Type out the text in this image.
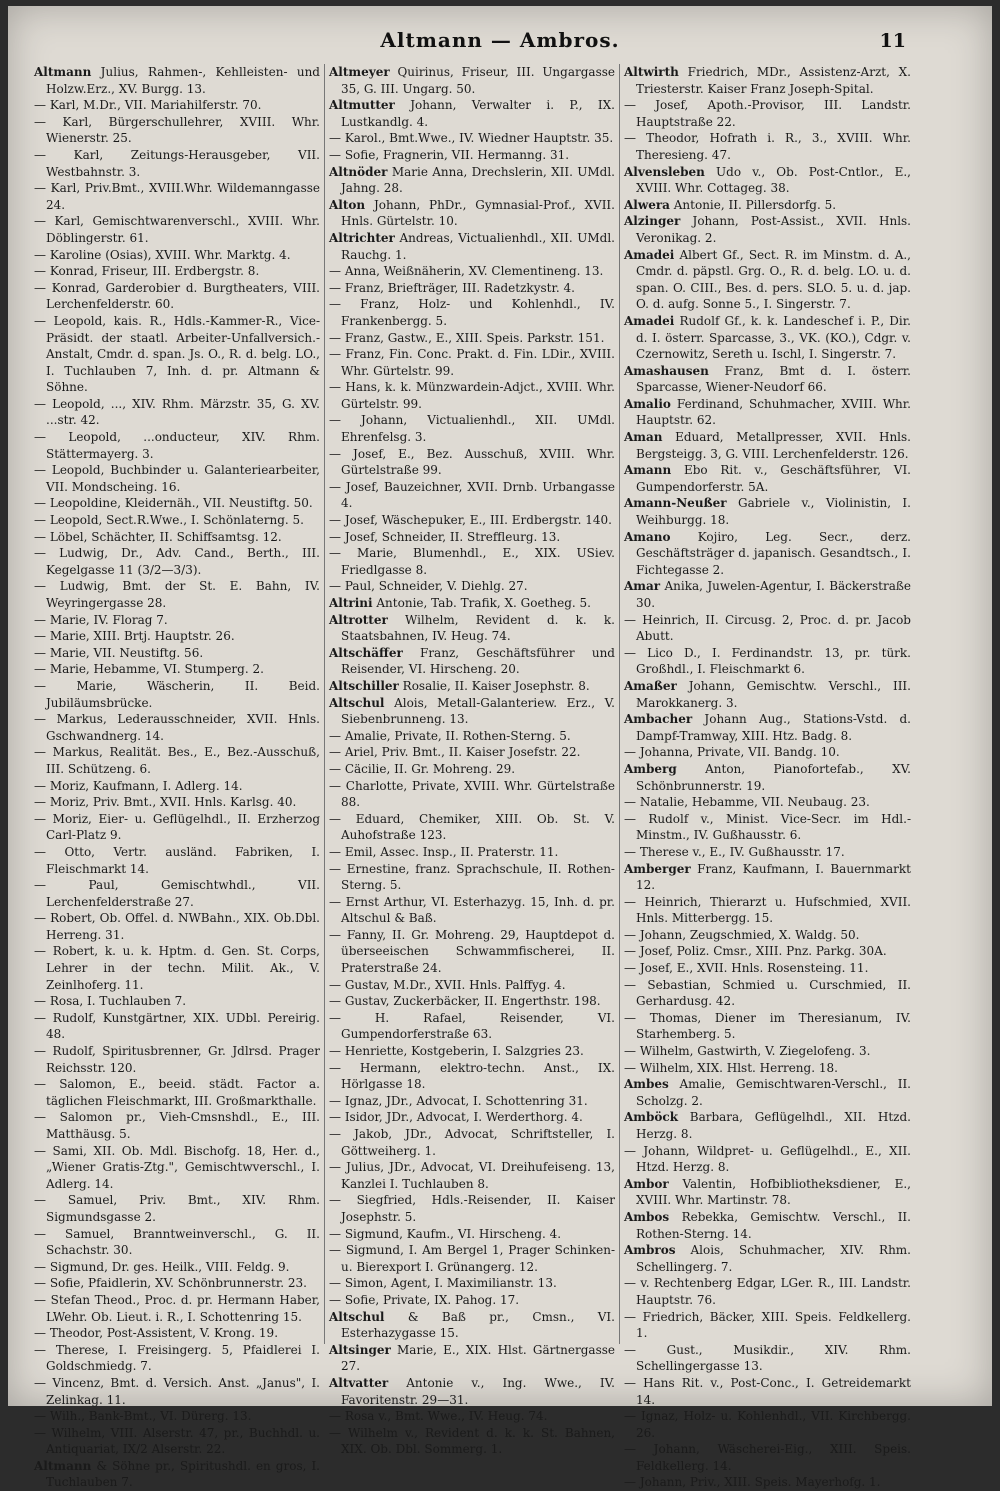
Altmann — Ambros.	11

Altmann Julius, Rahmen-, Kehlleisten- und Holzw.Erz., XV. Burgg. 13.

— Karl, M.Dr., VII. Mariahilferstr. 70.

— Karl, Bürgerschullehrer, XVIII. Whr. Wienerstr. 25.

— Karl, Zeitungs-Herausgeber, VII. Westbahnstr. 3.

— Karl, Priv.Bmt., XVIII.Whr. Wildemanngasse 24.

— Karl, Gemischtwarenverschl., XVIII. Whr. Döblingerstr. 61.

— Karoline (Osias), XVIII. Whr. Marktg. 4.

— Konrad, Friseur, III. Erdbergstr. 8.

— Konrad, Garderobier d. Burgtheaters, VIII. Lerchenfelderstr. 60.

— Leopold, kais. R., Hdls.-Kammer-R., Vice-Präsidt. der staatl. Arbeiter-Unfallversich.-Anstalt, Cmdr. d. span. Js. O., R. d. belg. LO., I. Tuchlauben 7, Inh. d. pr. Altmann & Söhne.

— Leopold, ..., XIV. Rhm. Märzstr. 35, G. XV. ...str. 42.

— Leopold, ...onducteur, XIV. Rhm. Stättermayerg. 3.

— Leopold, Buchbinder u. Galanteriearbeiter, VII. Mondscheing. 16.

— Leopoldine, Kleidernäh., VII. Neustiftg. 50.

— Leopold, Sect.R.Wwe., I. Schönlaterng. 5.

— Löbel, Schächter, II. Schiffsamtsg. 12.

— Ludwig, Dr., Adv. Cand., Berth., III. Kegelgasse 11 (3/2—3/3).

— Ludwig, Bmt. der St. E. Bahn, IV. Weyringergasse 28.

— Marie, IV. Florag 7.

— Marie, XIII. Brtj. Hauptstr. 26.

— Marie, VII. Neustiftg. 56.

— Marie, Hebamme, VI. Stumperg. 2.

— Marie, Wäscherin, II. Beid. Jubiläumsbrücke.

— Markus, Lederausschneider, XVII. Hnls. Gschwandnerg. 14.

— Markus, Realität. Bes., E., Bez.-Ausschuß, III. Schützeng. 6.

— Moriz, Kaufmann, I. Adlerg. 14.

— Moriz, Priv. Bmt., XVII. Hnls. Karlsg. 40.

— Moriz, Eier- u. Geflügelhdl., II. Erzherzog Carl-Platz 9.

— Otto, Vertr. ausländ. Fabriken, I. Fleischmarkt 14.

— Paul, Gemischtwhdl., VII. Lerchenfelderstraße 27.

— Robert, Ob. Offel. d. NWBahn., XIX. Ob.Dbl. Herreng. 31.

— Robert, k. u. k. Hptm. d. Gen. St. Corps, Lehrer in der techn. Milit. Ak., V. Zeinlhoferg. 11.

— Rosa, I. Tuchlauben 7.

— Rudolf, Kunstgärtner, XIX. UDbl. Pereirig. 48.

— Rudolf, Spiritusbrenner, Gr. Jdlrsd. Prager Reichsstr. 120.

— Salomon, E., beeid. städt. Factor a. täglichen Fleischmarkt, III. Großmarkthalle.

— Salomon pr., Vieh-Cmsnshdl., E., III. Matthäusg. 5.

— Sami, XII. Ob. Mdl. Bischofg. 18, Her. d., „Wiener Gratis-Ztg.", Gemischtwverschl., I. Adlerg. 14.

— Samuel, Priv. Bmt., XIV. Rhm. Sigmundsgasse 2.

— Samuel, Branntweinverschl., G. II. Schachstr. 30.

— Sigmund, Dr. ges. Heilk., VIII. Feldg. 9.

— Sofie, Pfaidlerin, XV. Schönbrunnerstr. 23.

— Stefan Theod., Proc. d. pr. Hermann Haber, LWehr. Ob. Lieut. i. R., I. Schottenring 15.

— Theodor, Post-Assistent, V. Krong. 19.

— Therese, I. Freisingerg. 5, Pfaidlerei I. Goldschmiedg. 7.

— Vincenz, Bmt. d. Versich. Anst. „Janus", I. Zelinkag. 11.

— Wilh., Bank-Bmt., VI. Dürerg. 13.

— Wilhelm, VIII. Alserstr. 47, pr., Buchhdl. u. Antiquariat, IX/2 Alserstr. 22.

Altmann & Söhne pr., Spiritushdl. en gros, I. Tuchlauben 7.

Altmeyer Quirinus, Friseur, III. Ungargasse 35, G. III. Ungarg. 50.

Altmutter Johann, Verwalter i. P., IX. Lustkandlg. 4.

— Karol., Bmt.Wwe., IV. Wiedner Hauptstr. 35.

— Sofie, Fragnerin, VII. Hermanng. 31.

Altnöder Marie Anna, Drechslerin, XII. UMdl. Jahng. 28.

Alton Johann, PhDr., Gymnasial-Prof., XVII. Hnls. Gürtelstr. 10.

Altrichter Andreas, Victualienhdl., XII. UMdl. Rauchg. 1.

— Anna, Weißnäherin, XV. Clementineng. 13.

— Franz, Briefträger, III. Radetzkystr. 4.

— Franz, Holz- und Kohlenhdl., IV. Frankenbergg. 5.

— Franz, Gastw., E., XIII. Speis. Parkstr. 151.

— Franz, Fin. Conc. Prakt. d. Fin. LDir., XVIII. Whr. Gürtelstr. 99.

— Hans, k. k. Münzwardein-Adjct., XVIII. Whr. Gürtelstr. 99.

— Johann, Victualienhdl., XII. UMdl. Ehrenfelsg. 3.

— Josef, E., Bez. Ausschuß, XVIII. Whr. Gürtelstraße 99.

— Josef, Bauzeichner, XVII. Drnb. Urbangasse 4.

— Josef, Wäschepuker, E., III. Erdbergstr. 140.

— Josef, Schneider, II. Streffleurg. 13.

— Marie, Blumenhdl., E., XIX. USiev. Friedlgasse 8.

— Paul, Schneider, V. Diehlg. 27.

Altrini Antonie, Tab. Trafik, X. Goetheg. 5.

Altrotter Wilhelm, Revident d. k. k. Staatsbahnen, IV. Heug. 74.

Altschäffer Franz, Geschäftsführer und Reisender, VI. Hirscheng. 20.

Altschiller Rosalie, II. Kaiser Josephstr. 8.

Altschul Alois, Metall-Galanteriew. Erz., V. Siebenbrunneng. 13.

— Amalie, Private, II. Rothen-Sterng. 5.

— Ariel, Priv. Bmt., II. Kaiser Josefstr. 22.

— Cäcilie, II. Gr. Mohreng. 29.

— Charlotte, Private, XVIII. Whr. Gürtelstraße 88.

— Eduard, Chemiker, XIII. Ob. St. V. Auhofstraße 123.

— Emil, Assec. Insp., II. Praterstr. 11.

— Ernestine, franz. Sprachschule, II. Rothen-Sterng. 5.

— Ernst Arthur, VI. Esterhazyg. 15, Inh. d. pr. Altschul & Baß.

— Fanny, II. Gr. Mohreng. 29, Hauptdepot d. überseeischen Schwammfischerei, II. Praterstraße 24.

— Gustav, M.Dr., XVII. Hnls. Palffyg. 4.

— Gustav, Zuckerbäcker, II. Engerthstr. 198.

— H. Rafael, Reisender, VI. Gumpendorferstraße 63.

— Henriette, Kostgeberin, I. Salzgries 23.

— Hermann, elektro-techn. Anst., IX. Hörlgasse 18.

— Ignaz, JDr., Advocat, I. Schottenring 31.

— Isidor, JDr., Advocat, I. Werderthorg. 4.

— Jakob, JDr., Advocat, Schriftsteller, I. Göttweiherg. 1.

— Julius, JDr., Advocat, VI. Dreihufeiseng. 13, Kanzlei I. Tuchlauben 8.

— Siegfried, Hdls.-Reisender, II. Kaiser Josephstr. 5.

— Sigmund, Kaufm., VI. Hirscheng. 4.

— Sigmund, I. Am Bergel 1, Prager Schinken- u. Bierexport I. Grünangerg. 12.

— Simon, Agent, I. Maximilianstr. 13.

— Sofie, Private, IX. Pahog. 17.

Altschul & Baß pr., Cmsn., VI. Esterhazygasse 15.

Altsinger Marie, E., XIX. Hlst. Gärtnergasse 27.

Altvatter Antonie v., Ing. Wwe., IV. Favoritenstr. 29—31.

— Rosa v., Bmt. Wwe., IV. Heug. 74.

— Wilhelm v., Revident d. k. k. St. Bahnen, XIX. Ob. Dbl. Sommerg. 1.

Altwirth Friedrich, MDr., Assistenz-Arzt, X. Triesterstr. Kaiser Franz Joseph-Spital.

— Josef, Apoth.-Provisor, III. Landstr. Hauptstraße 22.

— Theodor, Hofrath i. R., 3., XVIII. Whr. Theresieng. 47.

Alvensleben Udo v., Ob. Post-Cntlor., E., XVIII. Whr. Cottageg. 38.

Alwera Antonie, II. Pillersdorfg. 5.

Alzinger Johann, Post-Assist., XVII. Hnls. Veronikag. 2.

Amadei Albert Gf., Sect. R. im Minstm. d. A., Cmdr. d. päpstl. Grg. O., R. d. belg. LO. u. d. span. O. CIII., Bes. d. pers. SLO. 5. u. d. jap. O. d. aufg. Sonne 5., I. Singerstr. 7.

Amadei Rudolf Gf., k. k. Landeschef i. P., Dir. d. I. österr. Sparcasse, 3., VK. (KO.), Cdgr. v. Czernowitz, Sereth u. Ischl, I. Singerstr. 7.

Amashausen Franz, Bmt d. I. österr. Sparcasse, Wiener-Neudorf 66.

Amalio Ferdinand, Schuhmacher, XVIII. Whr. Hauptstr. 62.

Aman Eduard, Metallpresser, XVII. Hnls. Bergsteigg. 3, G. VIII. Lerchenfelderstr. 126.

Amann Ebo Rit. v., Geschäftsführer, VI. Gumpendorferstr. 5A.

Amann-Neußer Gabriele v., Violinistin, I. Weihburgg. 18.

Amano Kojiro, Leg. Secr., derz. Geschäftsträger d. japanisch. Gesandtsch., I. Fichtegasse 2.

Amar Anika, Juwelen-Agentur, I. Bäckerstraße 30.

— Heinrich, II. Circusg. 2, Proc. d. pr. Jacob Abutt.

— Lico D., I. Ferdinandstr. 13, pr. türk. Großhdl., I. Fleischmarkt 6.

Amaßer Johann, Gemischtw. Verschl., III. Marokkanerg. 3.

Ambacher Johann Aug., Stations-Vstd. d. Dampf-Tramway, XIII. Htz. Badg. 8.

— Johanna, Private, VII. Bandg. 10.

Amberg Anton, Pianofortefab., XV. Schönbrunnerstr. 19.

— Natalie, Hebamme, VII. Neubaug. 23.

— Rudolf v., Minist. Vice-Secr. im Hdl.-Minstm., IV. Gußhausstr. 6.

— Therese v., E., IV. Gußhausstr. 17.

Amberger Franz, Kaufmann, I. Bauernmarkt 12.

— Heinrich, Thierarzt u. Hufschmied, XVII. Hnls. Mitterbergg. 15.

— Johann, Zeugschmied, X. Waldg. 50.

— Josef, Poliz. Cmsr., XIII. Pnz. Parkg. 30A.

— Josef, E., XVII. Hnls. Rosensteing. 11.

— Sebastian, Schmied u. Curschmied, II. Gerhardusg. 42.

— Thomas, Diener im Theresianum, IV. Starhemberg. 5.

— Wilhelm, Gastwirth, V. Ziegelofeng. 3.

— Wilhelm, XIX. Hlst. Herreng. 18.

Ambes Amalie, Gemischtwaren-Verschl., II. Scholzg. 2.

Amböck Barbara, Geflügelhdl., XII. Htzd. Herzg. 8.

— Johann, Wildpret- u. Geflügelhdl., E., XII. Htzd. Herzg. 8.

Ambor Valentin, Hofbibliotheksdiener, E., XVIII. Whr. Martinstr. 78.

Ambos Rebekka, Gemischtw. Verschl., II. Rothen-Sterng. 14.

Ambros Alois, Schuhmacher, XIV. Rhm. Schellingerg. 7.

— v. Rechtenberg Edgar, LGer. R., III. Landstr. Hauptstr. 76.

— Friedrich, Bäcker, XIII. Speis. Feldkellerg. 1.

— Gust., Musikdir., XIV. Rhm. Schellingergasse 13.

— Hans Rit. v., Post-Conc., I. Getreidemarkt 14.

— Ignaz, Holz- u. Kohlenhdl., VII. Kirchbergg. 26.

— Johann, Wäscherei-Eig., XIII. Speis. Feldkellerg. 14.

— Johann, Priv., XIII. Speis. Mayerhofg. 1.
